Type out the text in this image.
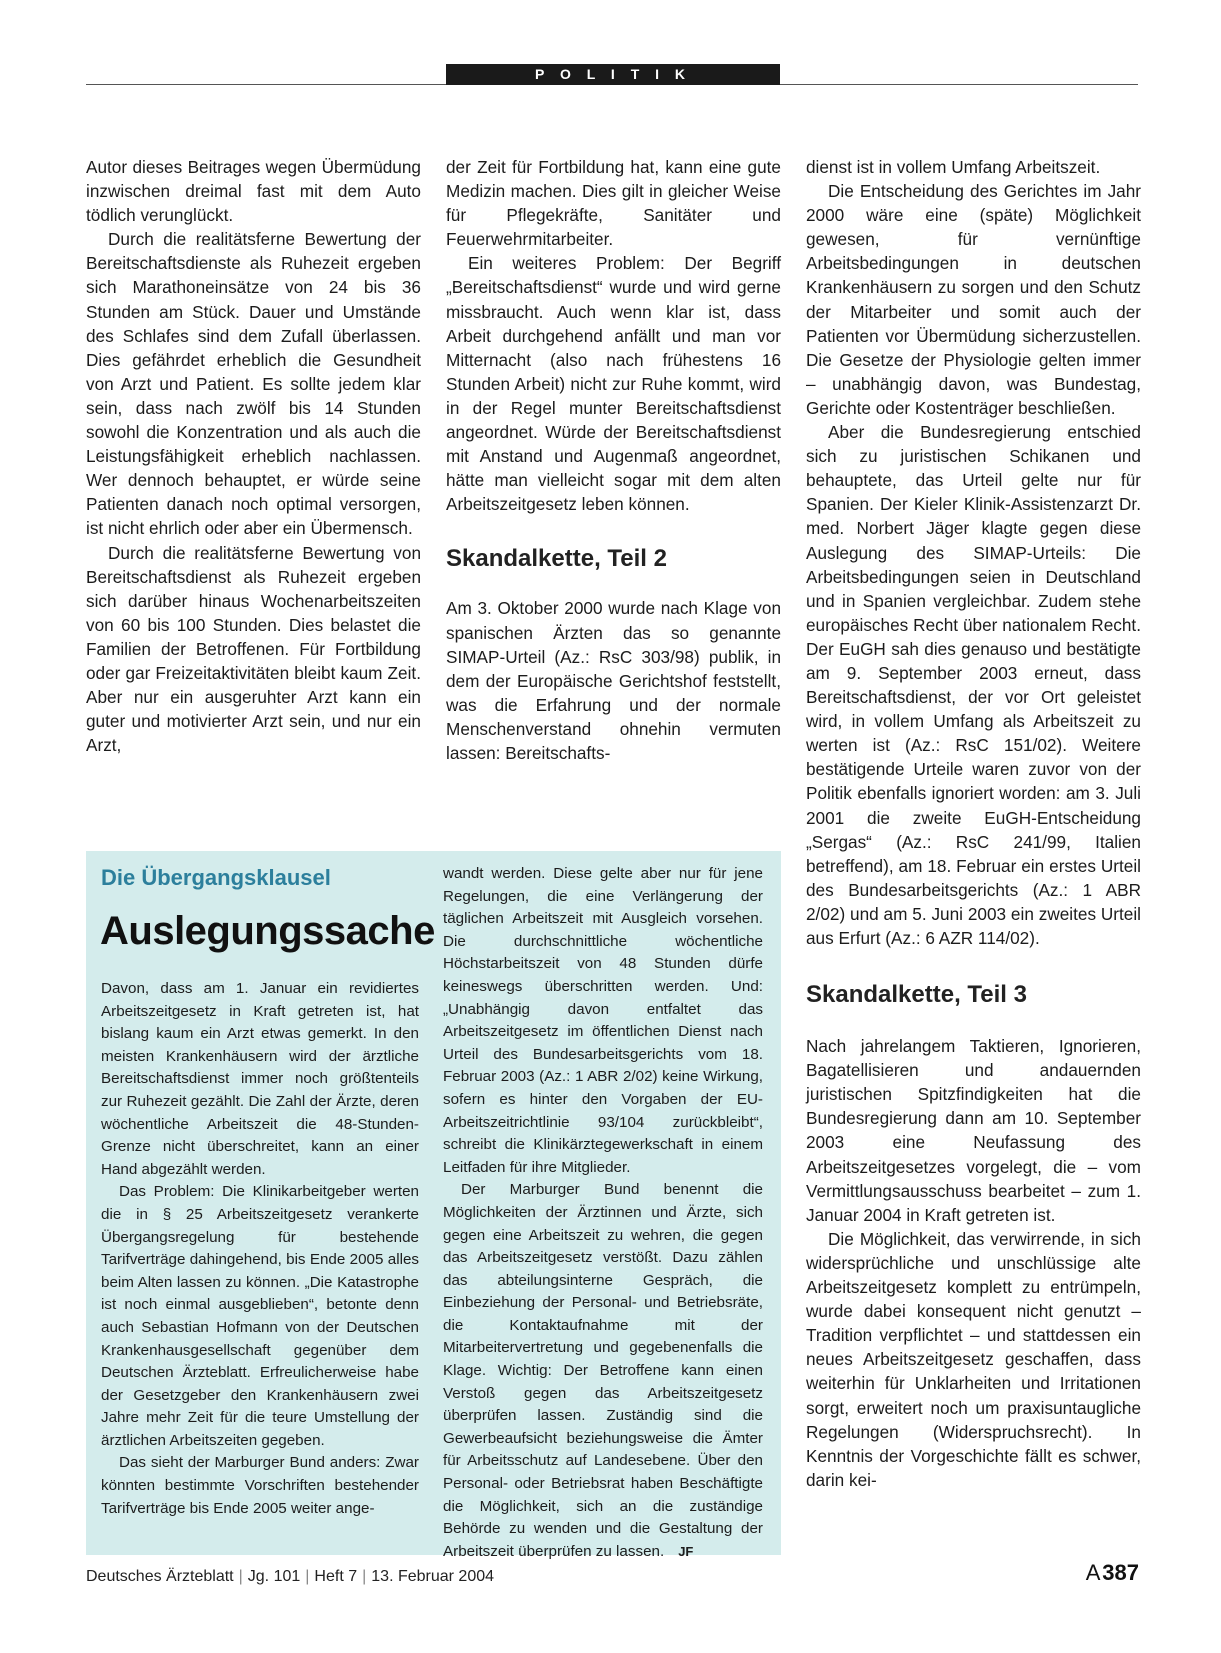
P O L I T I K

Autor dieses Beitrages wegen Übermüdung inzwischen dreimal fast mit dem Auto tödlich verunglückt.

Durch die realitätsferne Bewertung der Bereitschaftsdienste als Ruhezeit ergeben sich Marathoneinsätze von 24 bis 36 Stunden am Stück. Dauer und Umstände des Schlafes sind dem Zufall überlassen. Dies gefährdet erheblich die Gesundheit von Arzt und Patient. Es sollte jedem klar sein, dass nach zwölf bis 14 Stunden sowohl die Konzentration und als auch die Leistungsfähigkeit erheblich nachlassen. Wer dennoch behauptet, er würde seine Patienten danach noch optimal versorgen, ist nicht ehrlich oder aber ein Übermensch.

Durch die realitätsferne Bewertung von Bereitschaftsdienst als Ruhezeit ergeben sich darüber hinaus Wochenarbeitszeiten von 60 bis 100 Stunden. Dies belastet die Familien der Betroffenen. Für Fortbildung oder gar Freizeitaktivitäten bleibt kaum Zeit. Aber nur ein ausgeruhter Arzt kann ein guter und motivierter Arzt sein, und nur ein Arzt,

der Zeit für Fortbildung hat, kann eine gute Medizin machen. Dies gilt in gleicher Weise für Pflegekräfte, Sanitäter und Feuerwehrmitarbeiter.

Ein weiteres Problem: Der Begriff „Bereitschaftsdienst“ wurde und wird gerne missbraucht. Auch wenn klar ist, dass Arbeit durchgehend anfällt und man vor Mitternacht (also nach frühestens 16 Stunden Arbeit) nicht zur Ruhe kommt, wird in der Regel munter Bereitschaftsdienst angeordnet. Würde der Bereitschaftsdienst mit Anstand und Augenmaß angeordnet, hätte man vielleicht sogar mit dem alten Arbeitszeitgesetz leben können.

Skandalkette, Teil 2

Am 3. Oktober 2000 wurde nach Klage von spanischen Ärzten das so genannte SIMAP-Urteil (Az.: RsC 303/98) publik, in dem der Europäische Gerichtshof feststellt, was die Erfahrung und der normale Menschenverstand ohnehin vermuten lassen: Bereitschafts-

dienst ist in vollem Umfang Arbeitszeit.

Die Entscheidung des Gerichtes im Jahr 2000 wäre eine (späte) Möglichkeit gewesen, für vernünftige Arbeitsbedingungen in deutschen Krankenhäusern zu sorgen und den Schutz der Mitarbeiter und somit auch der Patienten vor Übermüdung sicherzustellen. Die Gesetze der Physiologie gelten immer – unabhängig davon, was Bundestag, Gerichte oder Kostenträger beschließen.

Aber die Bundesregierung entschied sich zu juristischen Schikanen und behauptete, das Urteil gelte nur für Spanien. Der Kieler Klinik-Assistenzarzt Dr. med. Norbert Jäger klagte gegen diese Auslegung des SIMAP-Urteils: Die Arbeitsbedingungen seien in Deutschland und in Spanien vergleichbar. Zudem stehe europäisches Recht über nationalem Recht. Der EuGH sah dies genauso und bestätigte am 9. September 2003 erneut, dass Bereitschaftsdienst, der vor Ort geleistet wird, in vollem Umfang als Arbeitszeit zu werten ist (Az.: RsC 151/02). Weitere bestätigende Urteile waren zuvor von der Politik ebenfalls ignoriert worden: am 3. Juli 2001 die zweite EuGH-Entscheidung „Sergas“ (Az.: RsC 241/99, Italien betreffend), am 18. Februar ein erstes Urteil des Bundesarbeitsgerichts (Az.: 1 ABR 2/02) und am 5. Juni 2003 ein zweites Urteil aus Erfurt (Az.: 6 AZR 114/02).

Skandalkette, Teil 3

Nach jahrelangem Taktieren, Ignorieren, Bagatellisieren und andauernden juristischen Spitzfindigkeiten hat die Bundesregierung dann am 10. September 2003 eine Neufassung des Arbeitszeitgesetzes vorgelegt, die – vom Vermittlungsausschuss bearbeitet – zum 1. Januar 2004 in Kraft getreten ist.

Die Möglichkeit, das verwirrende, in sich widersprüchliche und unschlüssige alte Arbeitszeitgesetz komplett zu entrümpeln, wurde dabei konsequent nicht genutzt – Tradition verpflichtet – und stattdessen ein neues Arbeitszeitgesetz geschaffen, dass weiterhin für Unklarheiten und Irritationen sorgt, erweitert noch um praxisuntaugliche Regelungen (Widerspruchsrecht). In Kenntnis der Vorgeschichte fällt es schwer, darin kei-

Die Übergangsklausel
Auslegungssache

Davon, dass am 1. Januar ein revidiertes Arbeitszeitgesetz in Kraft getreten ist, hat bislang kaum ein Arzt etwas gemerkt. In den meisten Krankenhäusern wird der ärztliche Bereitschaftsdienst immer noch größtenteils zur Ruhezeit gezählt. Die Zahl der Ärzte, deren wöchentliche Arbeitszeit die 48-Stunden-Grenze nicht überschreitet, kann an einer Hand abgezählt werden.

Das Problem: Die Klinikarbeitgeber werten die in § 25 Arbeitszeitgesetz verankerte Übergangsregelung für bestehende Tarifverträge dahingehend, bis Ende 2005 alles beim Alten lassen zu können. „Die Katastrophe ist noch einmal ausgeblieben“, betonte denn auch Sebastian Hofmann von der Deutschen Krankenhausgesellschaft gegenüber dem Deutschen Ärzteblatt. Erfreulicherweise habe der Gesetzgeber den Krankenhäusern zwei Jahre mehr Zeit für die teure Umstellung der ärztlichen Arbeitszeiten gegeben.

Das sieht der Marburger Bund anders: Zwar könnten bestimmte Vorschriften bestehender Tarifverträge bis Ende 2005 weiter ange-

wandt werden. Diese gelte aber nur für jene Regelungen, die eine Verlängerung der täglichen Arbeitszeit mit Ausgleich vorsehen. Die durchschnittliche wöchentliche Höchstarbeitszeit von 48 Stunden dürfe keineswegs überschritten werden. Und: „Unabhängig davon entfaltet das Arbeitszeitgesetz im öffentlichen Dienst nach Urteil des Bundesarbeitsgerichts vom 18. Februar 2003 (Az.: 1 ABR 2/02) keine Wirkung, sofern es hinter den Vorgaben der EU-Arbeitszeitrichtlinie 93/104 zurückbleibt“, schreibt die Klinikärztegewerkschaft in einem Leitfaden für ihre Mitglieder.

Der Marburger Bund benennt die Möglichkeiten der Ärztinnen und Ärzte, sich gegen eine Arbeitszeit zu wehren, die gegen das Arbeitszeitgesetz verstößt. Dazu zählen das abteilungsinterne Gespräch, die Einbeziehung der Personal- und Betriebsräte, die Kontaktaufnahme mit der Mitarbeitervertretung und gegebenenfalls die Klage. Wichtig: Der Betroffene kann einen Verstoß gegen das Arbeitszeitgesetz überprüfen lassen. Zuständig sind die Gewerbeaufsicht beziehungsweise die Ämter für Arbeitsschutz auf Landesebene. Über den Personal- oder Betriebsrat haben Beschäftigte die Möglichkeit, sich an die zuständige Behörde zu wenden und die Gestaltung der Arbeitszeit überprüfen zu lassen. JF

Deutsches Ärzteblatt | Jg. 101 | Heft 7 | 13. Februar 2004	A 387
